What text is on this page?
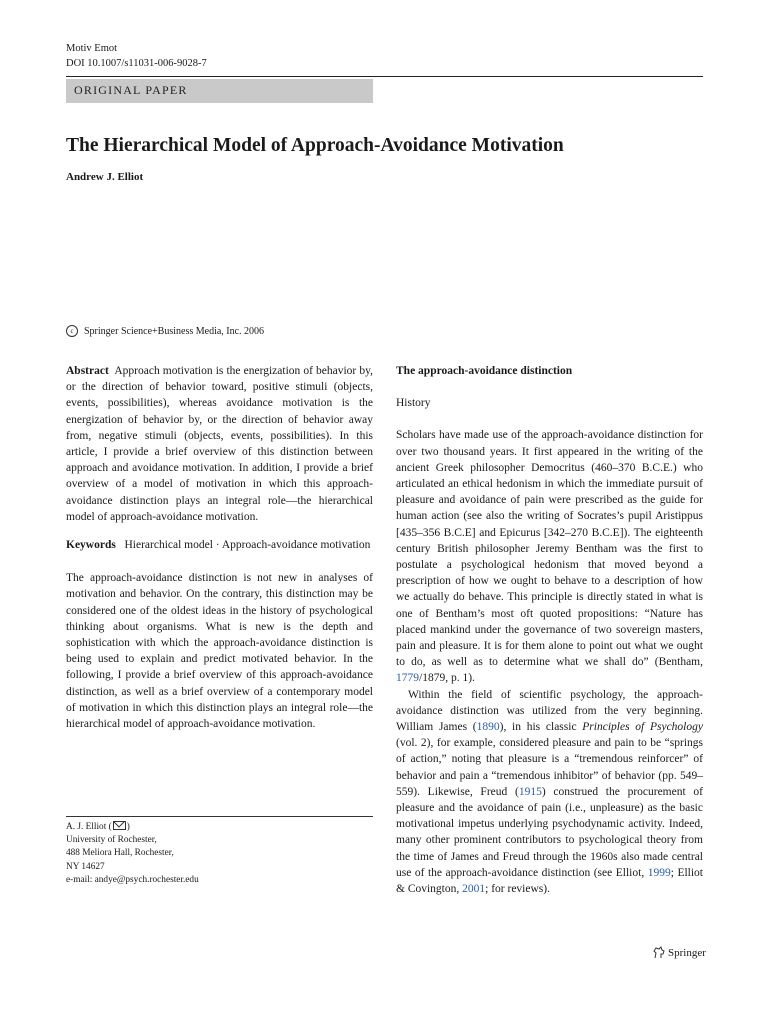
Motiv Emot
DOI 10.1007/s11031-006-9028-7
ORIGINAL PAPER
The Hierarchical Model of Approach-Avoidance Motivation
Andrew J. Elliot
c	Springer Science+Business Media, Inc. 2006

Abstract Approach motivation is the energization of behavior by, or the direction of behavior toward, positive stimuli (objects, events, possibilities), whereas avoidance motivation is the energization of behavior by, or the direction of behavior away from, negative stimuli (objects, events, possibilities). In this article, I provide a brief overview of this distinction between approach and avoidance motivation. In addition, I provide a brief overview of a model of motivation in which this approach-avoidance distinction plays an integral role—the hierarchical model of approach-avoidance motivation.

Keywords Hierarchical model · Approach-avoidance motivation

The approach-avoidance distinction is not new in analyses of motivation and behavior. On the contrary, this distinction may be considered one of the oldest ideas in the history of psychological thinking about organisms. What is new is the depth and sophistication with which the approach-avoidance distinction is being used to explain and predict motivated behavior. In the following, I provide a brief overview of this approach-avoidance distinction, as well as a brief overview of a contemporary model of motivation in which this distinction plays an integral role—the hierarchical model of approach-avoidance motivation.

A. J. Elliot ( )
University of Rochester,
488 Meliora Hall, Rochester,
NY 14627
e-mail: andye@psych.rochester.edu

The approach-avoidance distinction

History

Scholars have made use of the approach-avoidance distinction for over two thousand years. It first appeared in the writing of the ancient Greek philosopher Democritus (460–370 B.C.E.) who articulated an ethical hedonism in which the immediate pursuit of pleasure and avoidance of pain were prescribed as the guide for human action (see also the writing of Socrates’s pupil Aristippus [435–356 B.C.E] and Epicurus [342–270 B.C.E]). The eighteenth century British philosopher Jeremy Bentham was the first to postulate a psychological hedonism that moved beyond a prescription of how we ought to behave to a description of how we actually do behave. This principle is directly stated in what is one of Bentham’s most oft quoted propositions: “Nature has placed mankind under the governance of two sovereign masters, pain and pleasure. It is for them alone to point out what we ought to do, as well as to determine what we shall do” (Bentham, 1779/1879, p. 1).

Within the field of scientific psychology, the approach-avoidance distinction was utilized from the very beginning. William James (1890), in his classic Principles of Psychology (vol. 2), for example, considered pleasure and pain to be “springs of action,” noting that pleasure is a “tremendous reinforcer” of behavior and pain a “tremendous inhibitor” of behavior (pp. 549–559). Likewise, Freud (1915) construed the procurement of pleasure and the avoidance of pain (i.e., unpleasure) as the basic motivational impetus underlying psychodynamic activity. Indeed, many other prominent contributors to psychological theory from the time of James and Freud through the 1960s also made central use of the approach-avoidance distinction (see Elliot, 1999; Elliot & Covington, 2001; for reviews).

Springer
